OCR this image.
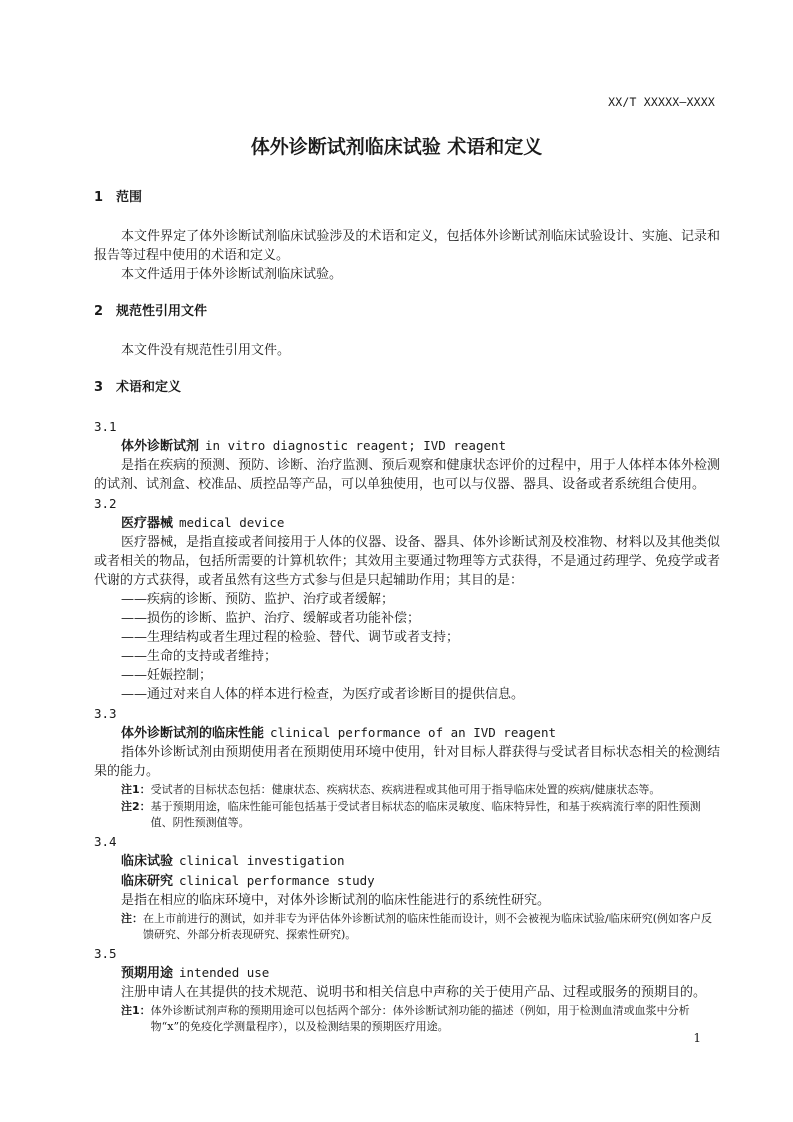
XX/T XXXXX—XXXX
体外诊断试剂临床试验 术语和定义
1 范围

本文件界定了体外诊断试剂临床试验涉及的术语和定义，包括体外诊断试剂临床试验设计、实施、记录和报告等过程中使用的术语和定义。

本文件适用于体外诊断试剂临床试验。

2 规范性引用文件

本文件没有规范性引用文件。

3 术语和定义
3.1
体外诊断试剂 in vitro diagnostic reagent; IVD reagent

是指在疾病的预测、预防、诊断、治疗监测、预后观察和健康状态评价的过程中，用于人体样本体外检测的试剂、试剂盒、校准品、质控品等产品，可以单独使用，也可以与仪器、器具、设备或者系统组合使用。

3.2
医疗器械 medical device

医疗器械，是指直接或者间接用于人体的仪器、设备、器具、体外诊断试剂及校准物、材料以及其他类似或者相关的物品，包括所需要的计算机软件；其效用主要通过物理等方式获得，不是通过药理学、免疫学或者代谢的方式获得，或者虽然有这些方式参与但是只起辅助作用；其目的是：

——疾病的诊断、预防、监护、治疗或者缓解；
——损伤的诊断、监护、治疗、缓解或者功能补偿；
——生理结构或者生理过程的检验、替代、调节或者支持；
——生命的支持或者维持；
——妊娠控制；
——通过对来自人体的样本进行检查，为医疗或者诊断目的提供信息。
3.3
体外诊断试剂的临床性能 clinical performance of an IVD reagent

指体外诊断试剂由预期使用者在预期使用环境中使用，针对目标人群获得与受试者目标状态相关的检测结果的能力。

注1： 受试者的目标状态包括：健康状态、疾病状态、疾病进程或其他可用于指导临床处置的疾病/健康状态等。
注2： 基于预期用途，临床性能可能包括基于受试者目标状态的临床灵敏度、临床特异性，和基于疾病流行率的阳性预测值、阴性预测值等。
3.4
临床试验 clinical investigation
临床研究 clinical performance study

是指在相应的临床环境中，对体外诊断试剂的临床性能进行的系统性研究。

注： 在上市前进行的测试，如并非专为评估体外诊断试剂的临床性能而设计，则不会被视为临床试验/临床研究(例如客户反馈研究、外部分析表现研究、探索性研究)。
3.5
预期用途 intended use

注册申请人在其提供的技术规范、说明书和相关信息中声称的关于使用产品、过程或服务的预期目的。

注1： 体外诊断试剂声称的预期用途可以包括两个部分：体外诊断试剂功能的描述（例如，用于检测血清或血浆中分析物“x”的免疫化学测量程序），以及检测结果的预期医疗用途。
1
